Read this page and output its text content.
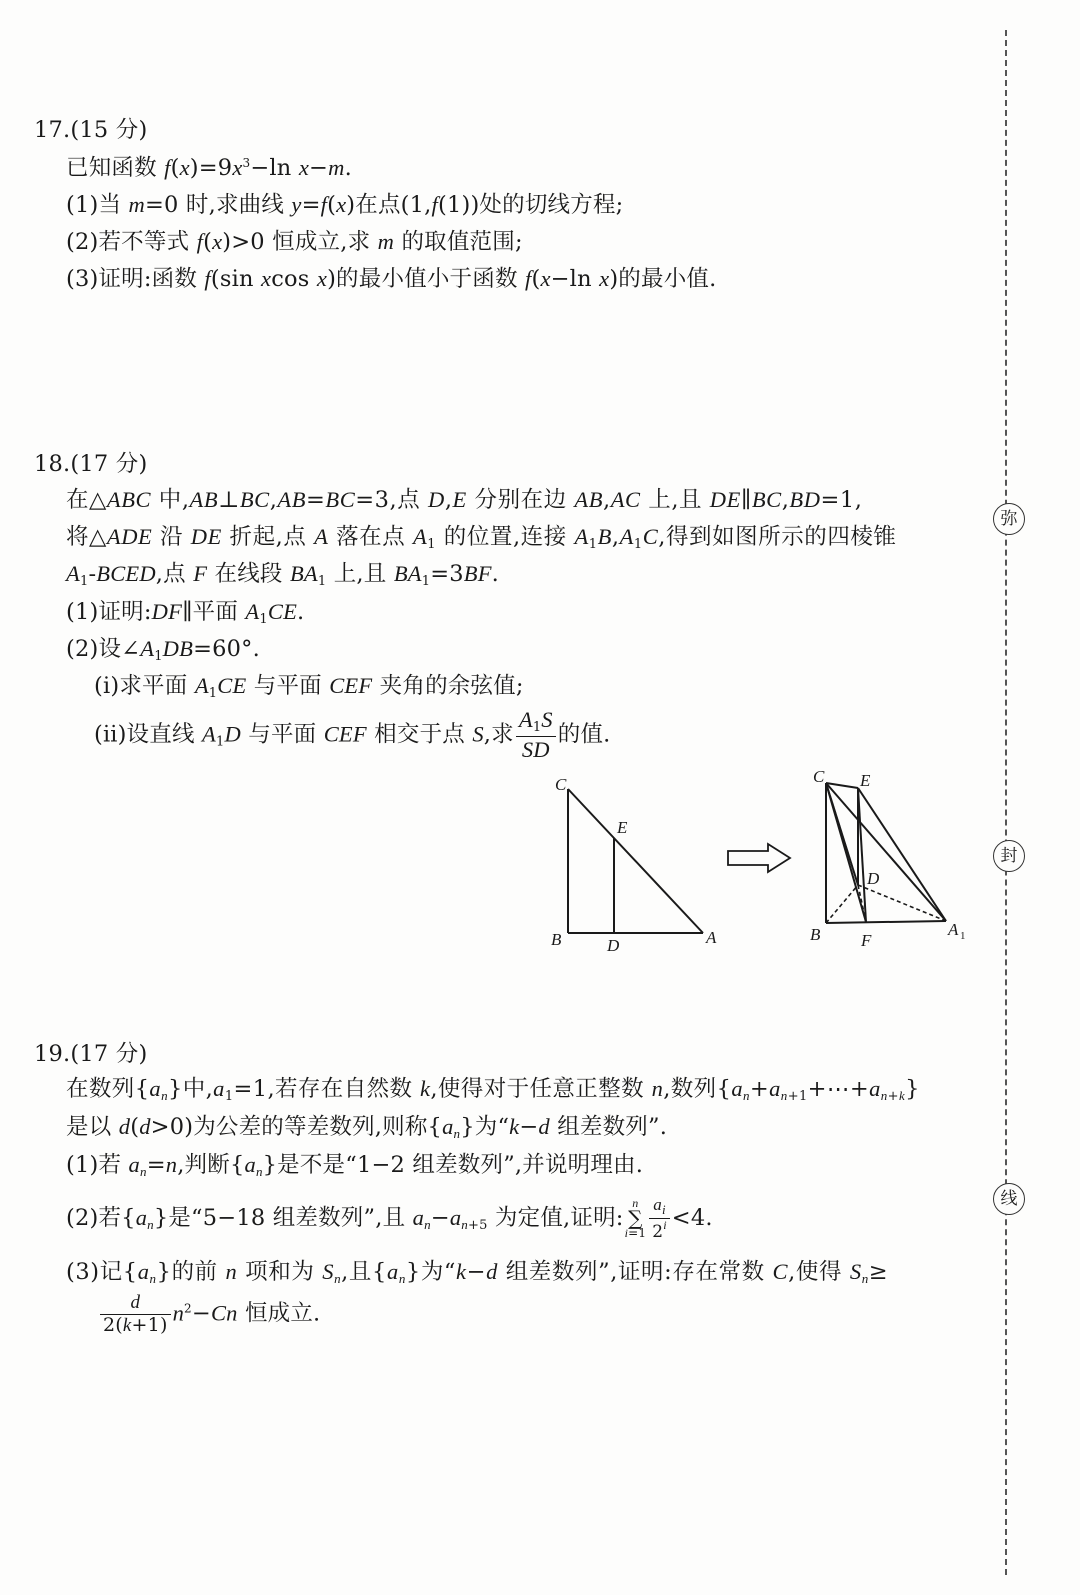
弥
封
线
17.(15 分)
已知函数 $f(x)=9x^3-\ln$ x−m.
(1)当 m=0 时,求曲线 y=f(x)在点(1,f(1))处的切线方程;
(2)若不等式 f(x)>0 恒成立,求 m 的取值范围;
(3)证明:函数 f(sin xcos x)的最小值小于函数 f(x−ln x)的最小值.
18.(17 分)
在△ABC 中,AB⊥BC,AB=BC=3,点 D,E 分别在边 AB,AC 上,且 DE∥BC,BD=1,
将△ADE 沿 DE 折起,点 A 落在点 $A_1$ 的位置,连接 $A_1B,A_1C$,得到如图所示的四棱锥
$A_1$-BCED,点 F 在线段 $BA_1$ 上,且 $BA_1=3BF$.
(1)证明:DF∥平面 $A_1CE$.
(2)设$\angle A_1DB=60^\circ$.
(ⅰ)求平面 $A_1CE$ 与平面 CEF 夹角的余弦值;
(ⅱ)设直线 $A_1D$ 与平面 CEF 相交于点 S,求 $\frac{A_1S}{SD}$ 的值.
C
E
B	D	A
C E
D
B F
A 1
19.(17 分)
在数列$\{a_n\}$中$,a_1=1$,若存在自然数 k,使得对于任意正整数 n,数列$\{a_n+a_{n+1}+\cdots+a_{n+k}\}$
是以 d(d>0)为公差的等差数列,则称$\{a_n\}$为“k−d 组差数列”.
(1)若 $a_n=n$,判断$\{a_n\}$是不是“1−2 组差数列”,并说明理由.
(2)若$\{a_n\}$是“5−18 组差数列”,且 $a_n-a_{n+5}$ 为定值,证明:n
∑
$i=1 \frac{a_i}{2^i} <4$.
(3)记$\{a_n\}$的前 n 项和为 $S_n$,且$\{a_n\}$为“k−d 组差数列”,证明:存在常数 C,使得 $S_n\ge$
$\frac{d}{2(k+1)} n^2-Cn$ 恒成立.
